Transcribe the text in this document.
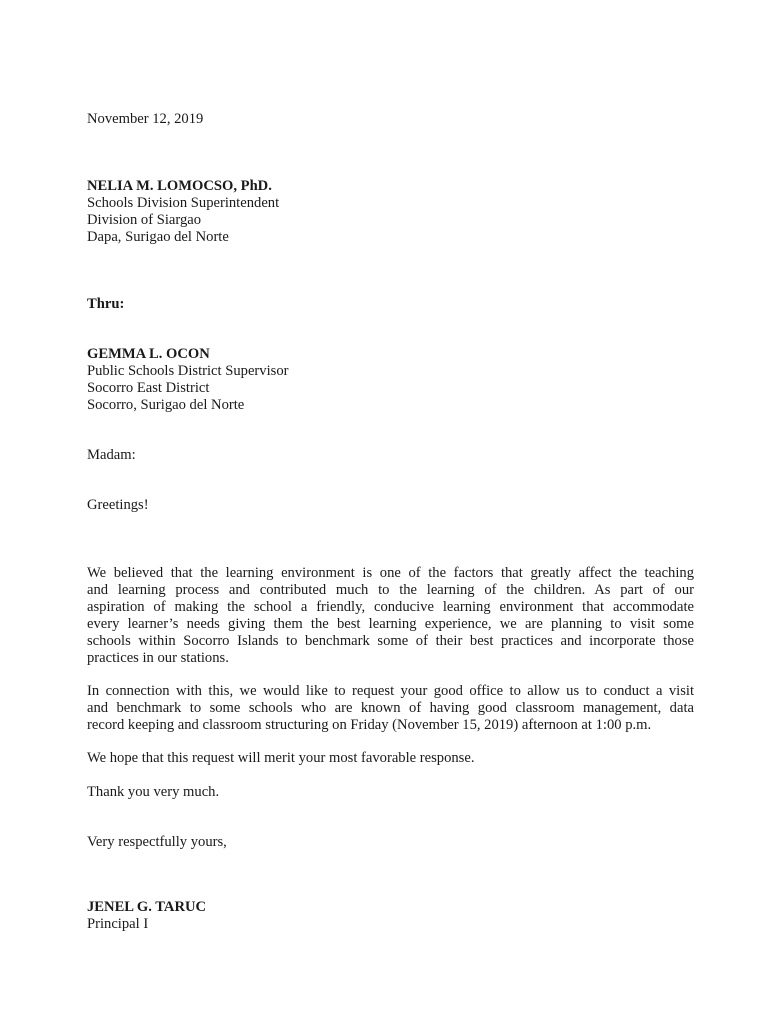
November 12, 2019
NELIA M. LOMOCSO, PhD.
Schools Division Superintendent
Division of Siargao
Dapa, Surigao del Norte
Thru:
GEMMA L. OCON
Public Schools District Supervisor
Socorro East District
Socorro, Surigao del Norte
Madam:
Greetings!
We believed that the learning environment is one of the factors that greatly affect the teaching
and learning process and contributed much to the learning of the children. As part of our
aspiration of making the school a friendly, conducive learning environment that accommodate
every learner’s needs giving them the best learning experience, we are planning to visit some
schools within Socorro Islands to benchmark some of their best practices and incorporate those
practices in our stations.
In connection with this, we would like to request your good office to allow us to conduct a visit
and benchmark to some schools who are known of having good classroom management, data
record keeping and classroom structuring on Friday (November 15, 2019) afternoon at 1:00 p.m.
We hope that this request will merit your most favorable response.
Thank you very much.
Very respectfully yours,
JENEL G. TARUC
Principal I
